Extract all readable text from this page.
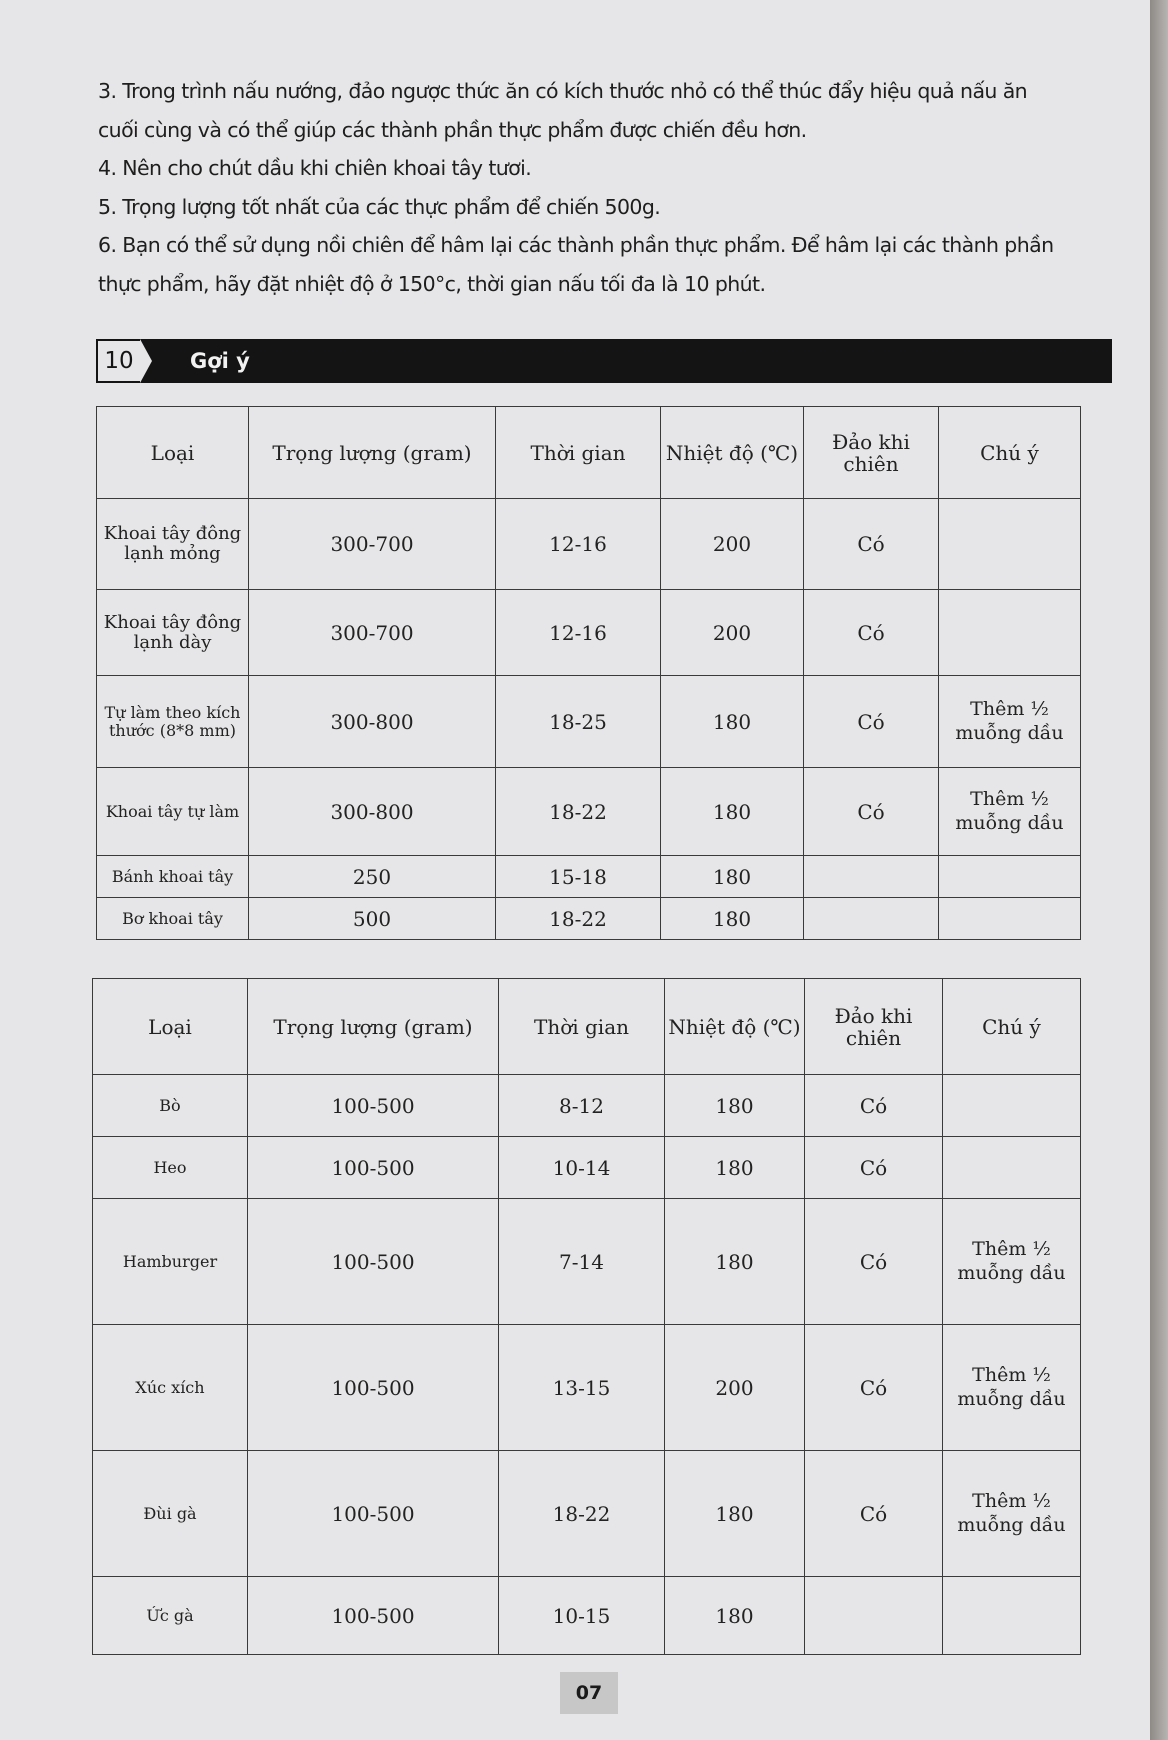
3. Trong trình nấu nướng, đảo ngược thức ăn có kích thước nhỏ có thể thúc đẩy hiệu quả nấu ăn

cuối cùng và có thể giúp các thành phần thực phẩm được chiến đều hơn.

4. Nên cho chút dầu khi chiên khoai tây tươi.

5. Trọng lượng tốt nhất của các thực phẩm để chiến 500g.

6. Bạn có thể sử dụng nồi chiên để hâm lại các thành phần thực phẩm. Để hâm lại các thành phần

thực phẩm, hãy đặt nhiệt độ ở 150°c, thời gian nấu tối đa là 10 phút.

10	Gợi ý
Loại	Trọng lượng (gram)	Thời gian	Nhiệt độ (℃)	Đảo khi chiên	Chú ý
Khoai tây đông lạnh mỏng	300-700	12-16	200	Có	
Khoai tây đông lạnh dày	300-700	12-16	200	Có	
Tự làm theo kích thước (8*8 mm)	300-800	18-25	180	Có	Thêm ½ muỗng dầu
Khoai tây tự làm	300-800	18-22	180	Có	Thêm ½ muỗng dầu
Bánh khoai tây	250	15-18	180		
Bơ khoai tây	500	18-22	180		
Loại	Trọng lượng (gram)	Thời gian	Nhiệt độ (℃)	Đảo khi chiên	Chú ý
Bò	100-500	8-12	180	Có	
Heo	100-500	10-14	180	Có	
Hamburger	100-500	7-14	180	Có	Thêm ½ muỗng dầu
Xúc xích	100-500	13-15	200	Có	Thêm ½ muỗng dầu
Đùi gà	100-500	18-22	180	Có	Thêm ½ muỗng dầu
Ức gà	100-500	10-15	180		
07
